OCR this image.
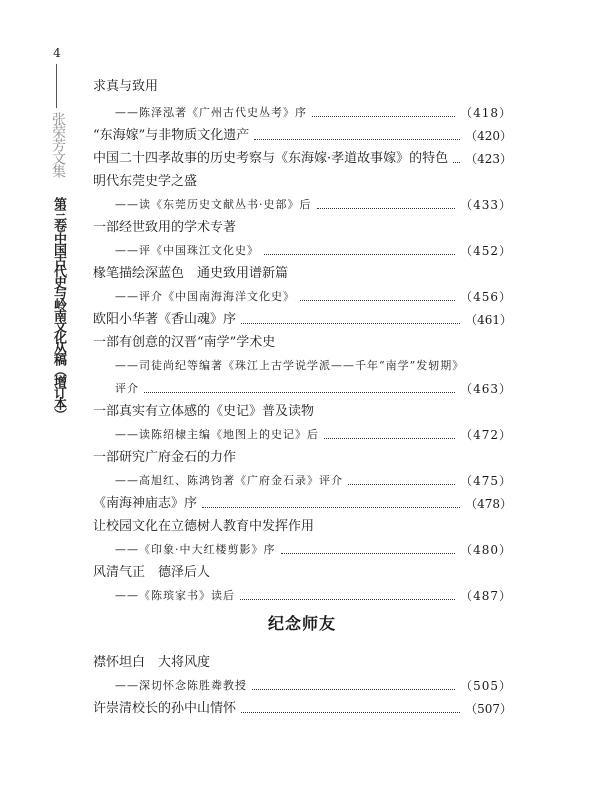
4
张荣芳文集
第三卷
中国古代史与岭南文化丛稿（增订本）
求真与致用
——陈泽泓著《广州古代史丛考》序	（418）
“东海嫁”与非物质文化遗产	（420）
中国二十四孝故事的历史考察与《东海嫁·孝道故事嫁》的特色 （423）
明代东莞史学之盛
——读《东莞历史文献丛书·史部》后	（433）
一部经世致用的学术专著
——评《中国珠江文化史》	（452）
椽笔描绘深蓝色　通史致用谱新篇
——评介《中国南海海洋文化史》	（456）
欧阳小华著《香山魂》序	（461）
一部有创意的汉晋“南学”学术史
——司徒尚纪等编著《珠江上古学说学派——千年“南学”发轫期》
评介	（463）
一部真实有立体感的《史记》普及读物
——读陈绍棣主编《地图上的史记》后	（472）
一部研究广府金石的力作
——高旭红、陈鸿钧著《广府金石录》评介	（475）
《南海神庙志》序	（478）
让校园文化在立德树人教育中发挥作用
——《印象·中大红楼剪影》序	（480）
风清气正　德泽后人
——《陈瑸家书》读后	（487）
纪念师友
襟怀坦白　大将风度
——深切怀念陈胜粦教授	（505）
许崇清校长的孙中山情怀	（507）
